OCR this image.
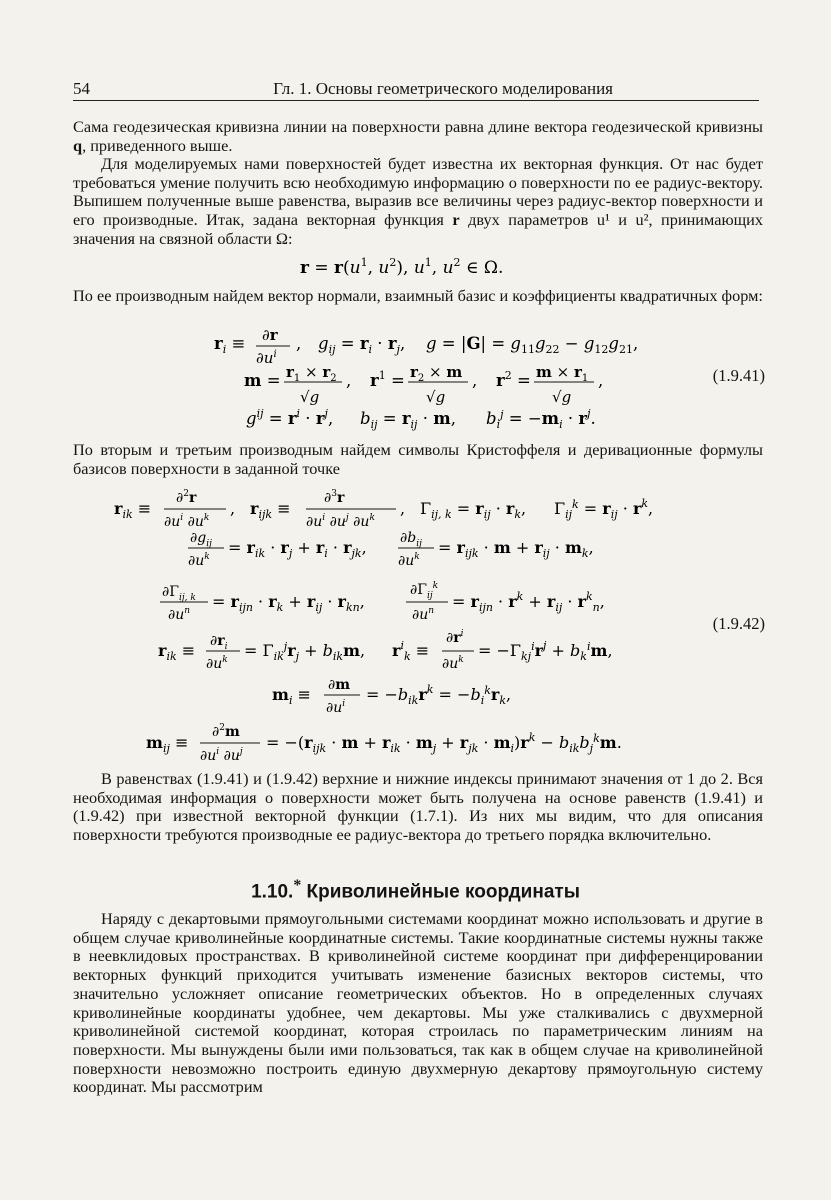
54	Гл. 1. Основы геометрического моделирования

Сама геодезическая кривизна линии на поверхности равна длине вектора геодезической кривизны q, приведенного выше.

Для моделируемых нами поверхностей будет известна их векторная функция. От нас будет требоваться умение получить всю необходимую информацию о поверхности по ее радиус-вектору. Выпишем полученные выше равенства, выразив все величины через радиус-вектор поверхности и его производные. Итак, задана векторная функция r двух параметров u¹ и u², принимающих значения на связной области Ω:

$r = r(u^1$, $u^2$), $u^1$, $u^2$ ∈ Ω.

По ее производным найдем вектор нормали, взаимный базис и коэффициенты квадратичных форм:

$r_i \equiv \partial r$
$\partial u^i$
, $g_{ij} = r_i \cdot r_j$, $g = |G| = g_{11}g_{22} - g_{12}g_{21}$,
$m = r_1 \times r_2$
√g
, $r^1 = r_2 \times m$
√g
, $r^2 = m \times r_1$
√g
,
$g^{ij} = r^i \cdot r^j$, $b_{ij} = r_{ij} \cdot m$, $b_i^j = -m_i \cdot r^j$.
(1.9.41)

По вторым и третьим производным найдем символы Кристоффеля и деривационные формулы базисов поверхности в заданной точке

$r_{ik}$ ≡
∂$^2$r
$\partial u^i$ $\partial u^k$ , $r_{ijk}$ ≡
∂$^3$r
$\partial u^i$ $\partial u^j$ $\partial u^k$ , $\Gamma_{ij, k} = r_{ij} \cdot r_k$, $\Gamma_{ij}^k = r_{ij} \cdot r^k$,
$\partial g_{ij}$
$\partial u^k = r_{ik} \cdot r_j + r_i \cdot r_{jk}$, $\partial b_{ij}$
$\partial u^k = r_{ijk} \cdot m + r_{ij} \cdot m_k$,
$\partial\Gamma_{ij, k}$
$\partial u^n = r_{ijn} \cdot r_k + r_{ij} \cdot r_{kn}$,
$\partial\Gamma_{ij}^k$
$\partial u^n = r_{ijn} \cdot r^k + r_{ij} \cdot r^k_n$,
$r_{ik} \equiv \partial r_i$
$\partial u^k = \Gamma_{ik}^jr_j + b_{ik}m$, $r^i_k$ ≡
$\partial r^i$
$\partial u^k = -\Gamma_{kj}^ir^j + b_k^im$,
$m_i \equiv \partial m$
$\partial u^i = -b_{ik}r^k = -b_i^kr_k$,
$m_{ij}$ ≡
∂$^2$m
$\partial u^i$ $\partial u^j = -(r_{ijk} \cdot m + r_{ik} \cdot m_j + r_{jk} \cdot m_i)r^k - b_{ik}b_j^km$.
(1.9.42)

В равенствах (1.9.41) и (1.9.42) верхние и нижние индексы принимают значения от 1 до 2. Вся необходимая информация о поверхности может быть получена на основе равенств (1.9.41) и (1.9.42) при известной векторной функции (1.7.1). Из них мы видим, что для описания поверхности требуются производные ее радиус-вектора до третьего порядка включительно.

1.10.* Криволинейные координаты

Наряду с декартовыми прямоугольными системами координат можно использовать и другие в общем случае криволинейные координатные системы. Такие координатные системы нужны также в неевклидовых пространствах. В криволинейной системе координат при дифференцировании векторных функций приходится учитывать изменение базисных векторов системы, что значительно усложняет описание геометрических объектов. Но в определенных случаях криволинейные координаты удобнее, чем декартовы. Мы уже сталкивались с двухмерной криволинейной системой координат, которая строилась по параметрическим линиям на поверхности. Мы вынуждены были ими пользоваться, так как в общем случае на криволинейной поверхности невозможно построить единую двухмерную декартову прямоугольную систему координат. Мы рассмотрим
